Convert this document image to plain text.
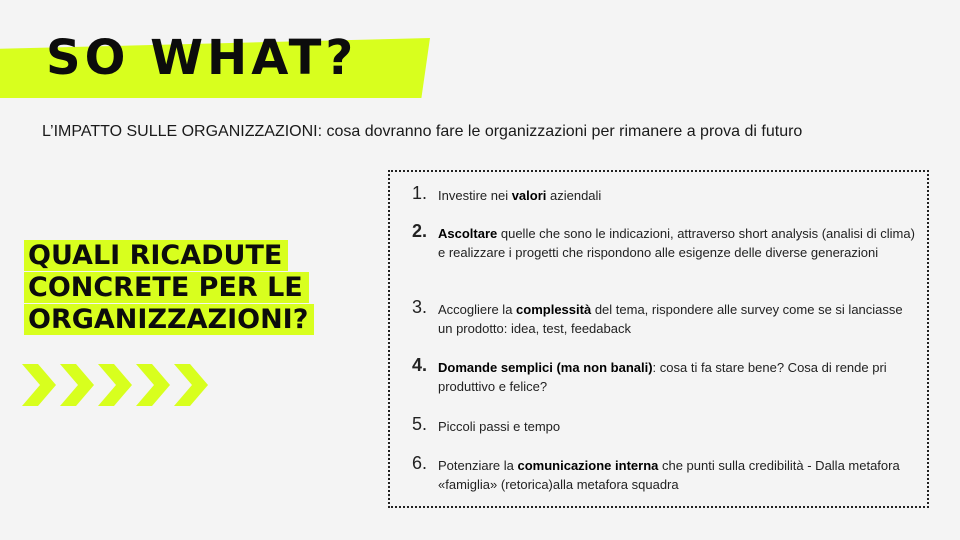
SO WHAT?
L’IMPATTO SULLE ORGANIZZAZIONI: cosa dovranno fare le organizzazioni per rimanere a prova di futuro
QUALI RICADUTE
CONCRETE PER LE
ORGANIZZAZIONI?
1. Investire nei valori aziendali
2. Ascoltare quelle che sono le indicazioni, attraverso short analysis (analisi di clima) e realizzare i progetti che rispondono alle esigenze delle diverse generazioni
3. Accogliere la complessità del tema, rispondere alle survey come se si lanciasse un prodotto: idea, test, feedaback
4. Domande semplici (ma non banali): cosa ti fa stare bene? Cosa di rende pri produttivo e felice?
5. Piccoli passi e tempo
6. Potenziare la comunicazione interna che punti sulla credibilità - Dalla metafora «famiglia» (retorica)alla metafora squadra
